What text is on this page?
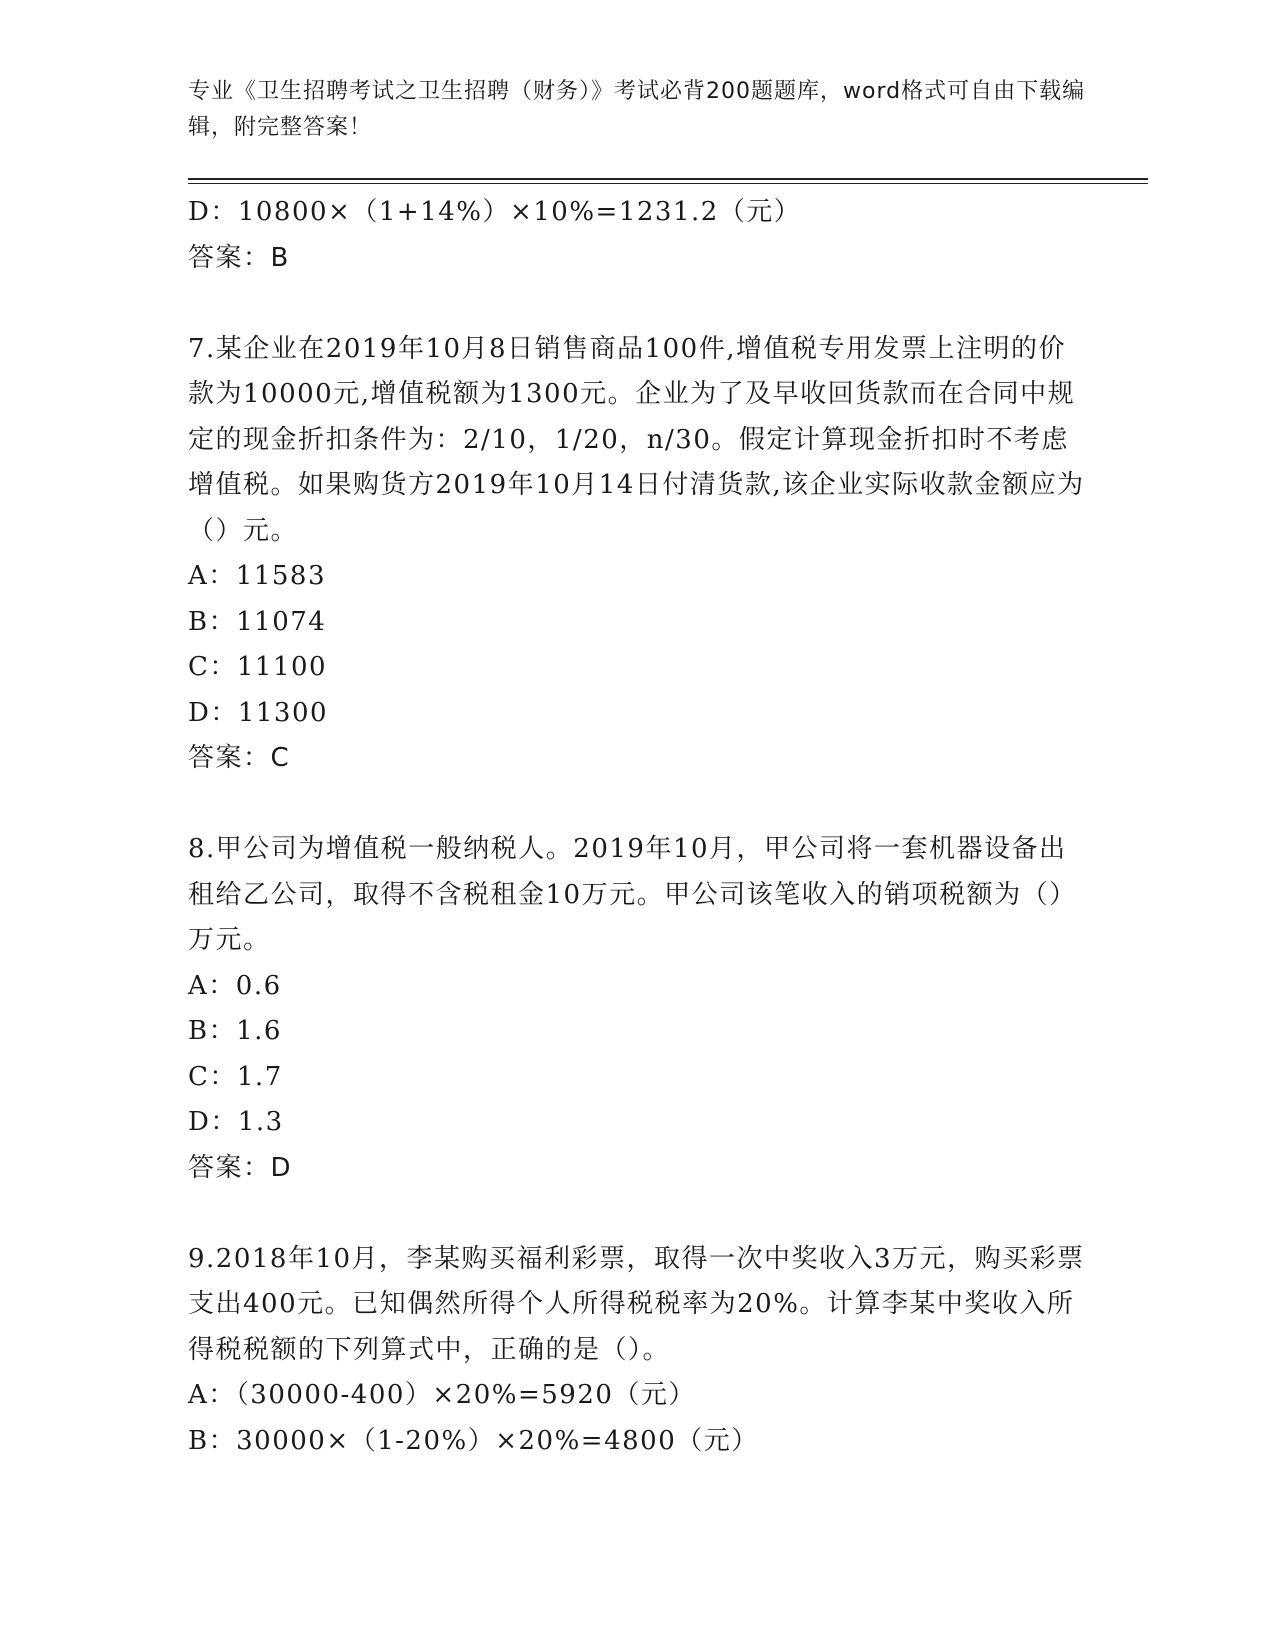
专业《卫生招聘考试之卫生招聘（财务）》考试必背200题题库，word格式可自由下载编辑，附完整答案！

D：10800×（1+14%）×10%=1231.2（元）

答案：B

7.某企业在2019年10月8日销售商品100件,增值税专用发票上注明的价款为10000元,增值税额为1300元。企业为了及早收回货款而在合同中规定的现金折扣条件为：2/10，1/20，n/30。假定计算现金折扣时不考虑增值税。如果购货方2019年10月14日付清货款,该企业实际收款金额应为（）元。

A：11583

B：11074

C：11100

D：11300

答案：C

8.甲公司为增值税一般纳税人。2019年10月，甲公司将一套机器设备出租给乙公司，取得不含税租金10万元。甲公司该笔收入的销项税额为（）万元。

A：0.6

B：1.6

C：1.7

D：1.3

答案：D

9.2018年10月，李某购买福利彩票，取得一次中奖收入3万元，购买彩票支出400元。已知偶然所得个人所得税税率为20%。计算李某中奖收入所得税税额的下列算式中，正确的是（）。

A：（30000-400）×20%=5920（元）

B：30000×（1-20%）×20%=4800（元）
